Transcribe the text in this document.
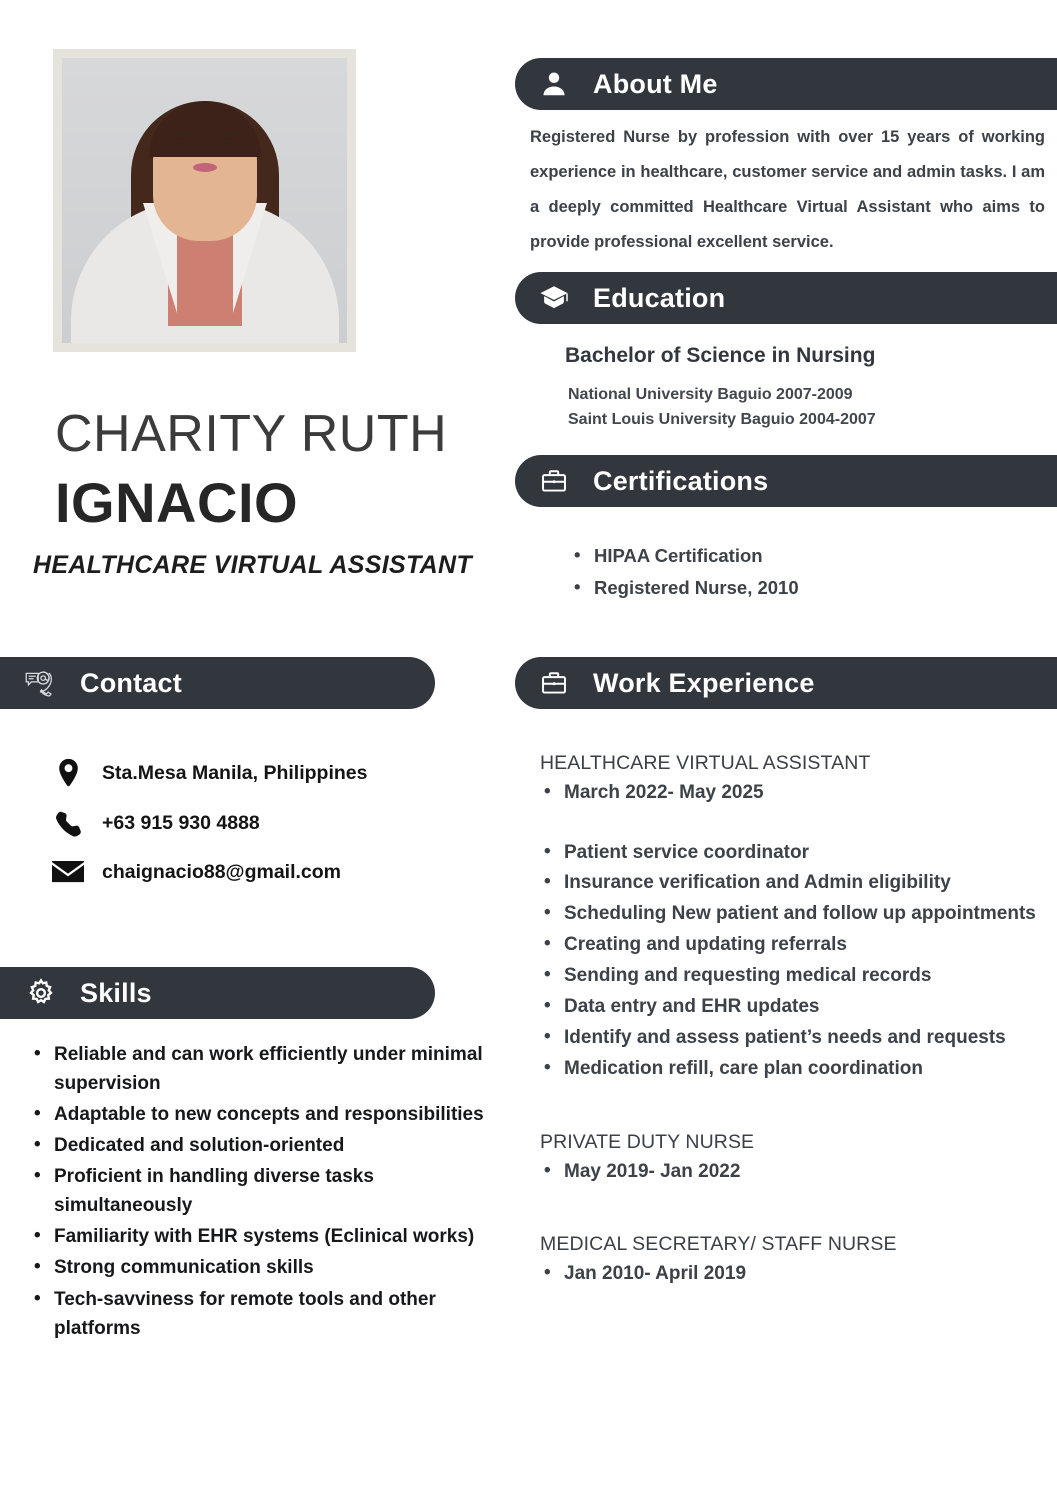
CHARITY RUTH
IGNACIO
HEALTHCARE VIRTUAL ASSISTANT
About Me
Registered Nurse by profession with over 15 years of working experience in healthcare, customer service and admin tasks. I am a deeply committed Healthcare Virtual Assistant who aims to provide professional excellent service.
Education
Bachelor of Science in Nursing
National University Baguio 2007-2009
Saint Louis University Baguio 2004-2007
Certifications
• HIPAA Certification
• Registered Nurse, 2010
Contact
Sta.Mesa Manila, Philippines
+63 915 930 4888
chaignacio88@gmail.com
Skills
• Reliable and can work efficiently under minimal supervision
• Adaptable to new concepts and responsibilities
• Dedicated and solution-oriented
• Proficient in handling diverse tasks simultaneously
• Familiarity with EHR systems (Eclinical works)
• Strong communication skills
• Tech-savviness for remote tools and other platforms
Work Experience
HEALTHCARE VIRTUAL ASSISTANT
• March 2022- May 2025
• Patient service coordinator
• Insurance verification and Admin eligibility
• Scheduling New patient and follow up appointments
• Creating and updating referrals
• Sending and requesting medical records
• Data entry and EHR updates
• Identify and assess patient’s needs and requests
• Medication refill, care plan coordination
PRIVATE DUTY NURSE
• May 2019- Jan 2022
MEDICAL SECRETARY/ STAFF NURSE
• Jan 2010- April 2019
